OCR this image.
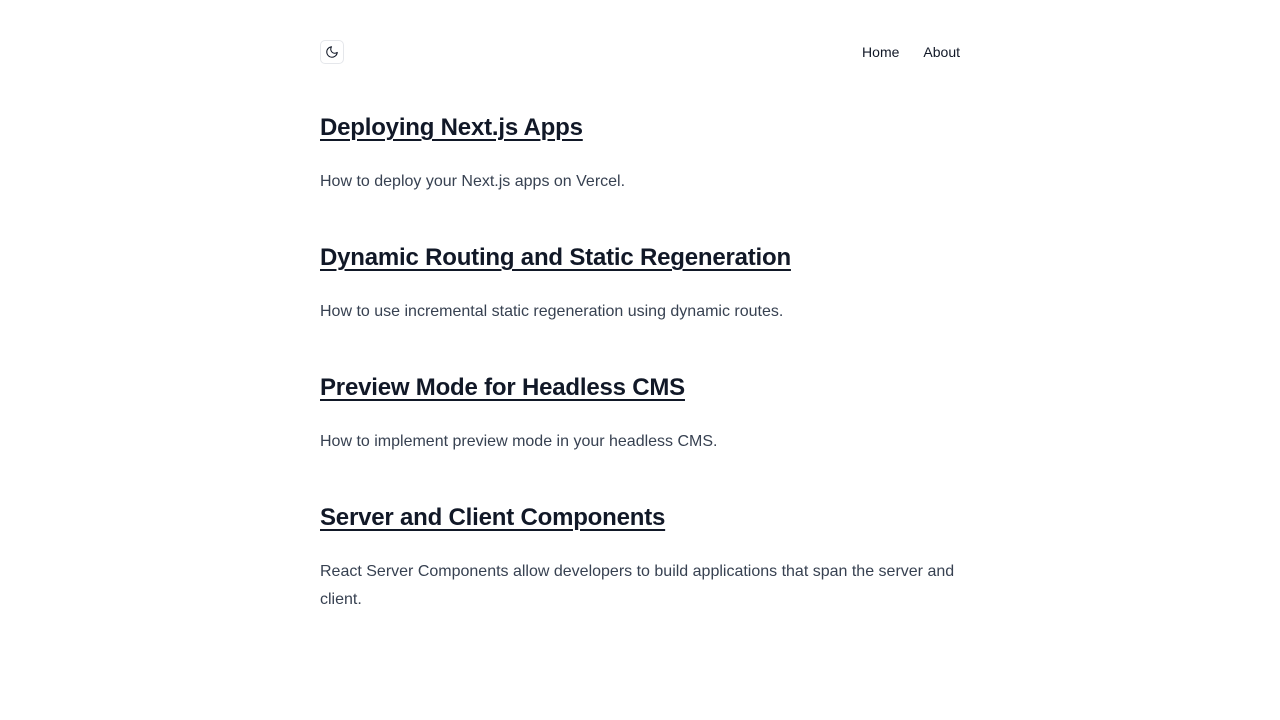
Home About
Deploying Next.js Apps

How to deploy your Next.js apps on Vercel.

Dynamic Routing and Static Regeneration

How to use incremental static regeneration using dynamic routes.

Preview Mode for Headless CMS

How to implement preview mode in your headless CMS.

Server and Client Components

React Server Components allow developers to build applications that span the server and client.
